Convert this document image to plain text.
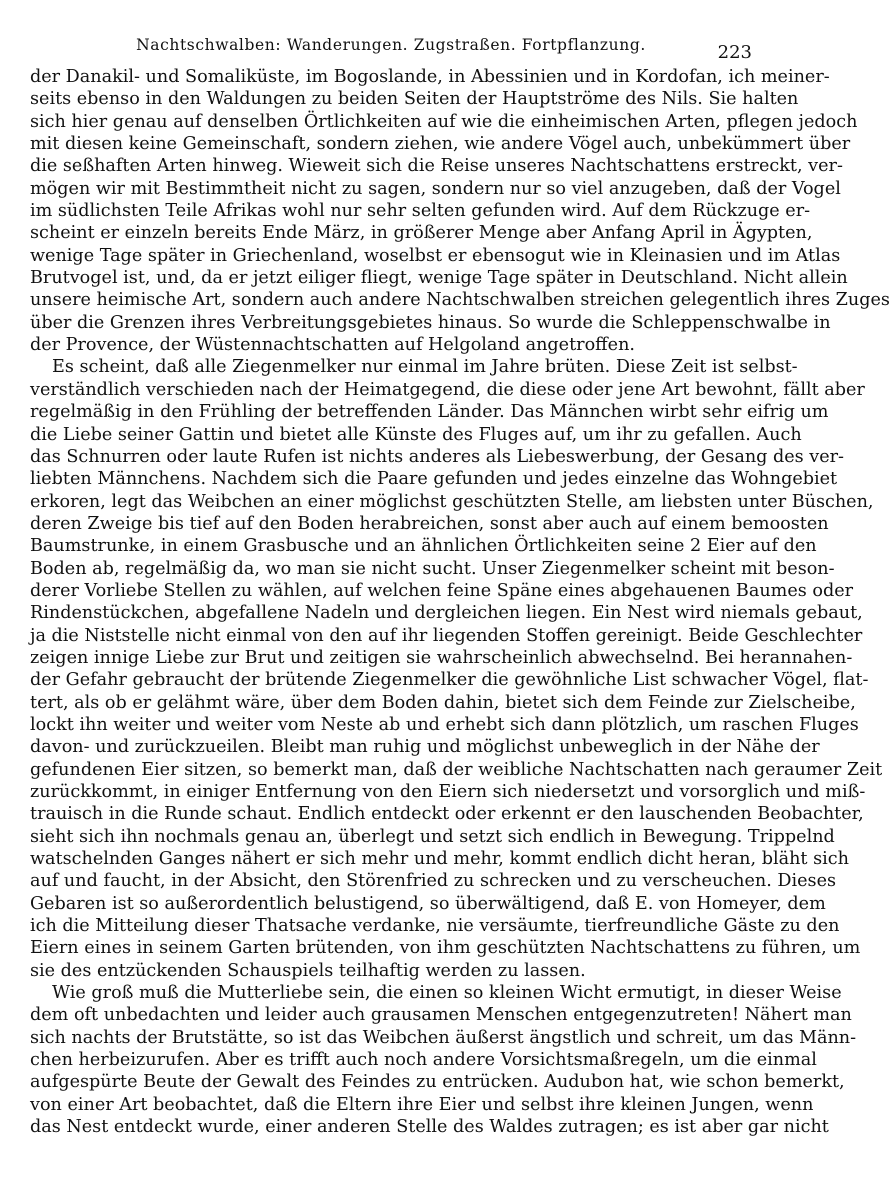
Nachtschwalben: Wanderungen. Zugstraßen. Fortpflanzung.	223
der Danakil- und Somaliküste, im Bogoslande, in Abessinien und in Kordofan, ich meiner-
seits ebenso in den Waldungen zu beiden Seiten der Hauptströme des Nils. Sie halten
sich hier genau auf denselben Örtlichkeiten auf wie die einheimischen Arten, pflegen jedoch
mit diesen keine Gemeinschaft, sondern ziehen, wie andere Vögel auch, unbekümmert über
die seßhaften Arten hinweg. Wieweit sich die Reise unseres Nachtschattens erstreckt, ver-
mögen wir mit Bestimmtheit nicht zu sagen, sondern nur so viel anzugeben, daß der Vogel
im südlichsten Teile Afrikas wohl nur sehr selten gefunden wird. Auf dem Rückzuge er-
scheint er einzeln bereits Ende März, in größerer Menge aber Anfang April in Ägypten,
wenige Tage später in Griechenland, woselbst er ebensogut wie in Kleinasien und im Atlas
Brutvogel ist, und, da er jetzt eiliger fliegt, wenige Tage später in Deutschland. Nicht allein
unsere heimische Art, sondern auch andere Nachtschwalben streichen gelegentlich ihres Zuges
über die Grenzen ihres Verbreitungsgebietes hinaus. So wurde die Schleppenschwalbe in
der Provence, der Wüstennachtschatten auf Helgoland angetroffen.
Es scheint, daß alle Ziegenmelker nur einmal im Jahre brüten. Diese Zeit ist selbst-
verständlich verschieden nach der Heimatgegend, die diese oder jene Art bewohnt, fällt aber
regelmäßig in den Frühling der betreffenden Länder. Das Männchen wirbt sehr eifrig um
die Liebe seiner Gattin und bietet alle Künste des Fluges auf, um ihr zu gefallen. Auch
das Schnurren oder laute Rufen ist nichts anderes als Liebeswerbung, der Gesang des ver-
liebten Männchens. Nachdem sich die Paare gefunden und jedes einzelne das Wohngebiet
erkoren, legt das Weibchen an einer möglichst geschützten Stelle, am liebsten unter Büschen,
deren Zweige bis tief auf den Boden herabreichen, sonst aber auch auf einem bemoosten
Baumstrunke, in einem Grasbusche und an ähnlichen Örtlichkeiten seine 2 Eier auf den
Boden ab, regelmäßig da, wo man sie nicht sucht. Unser Ziegenmelker scheint mit beson-
derer Vorliebe Stellen zu wählen, auf welchen feine Späne eines abgehauenen Baumes oder
Rindenstückchen, abgefallene Nadeln und dergleichen liegen. Ein Nest wird niemals gebaut,
ja die Niststelle nicht einmal von den auf ihr liegenden Stoffen gereinigt. Beide Geschlechter
zeigen innige Liebe zur Brut und zeitigen sie wahrscheinlich abwechselnd. Bei herannahen-
der Gefahr gebraucht der brütende Ziegenmelker die gewöhnliche List schwacher Vögel, flat-
tert, als ob er gelähmt wäre, über dem Boden dahin, bietet sich dem Feinde zur Zielscheibe,
lockt ihn weiter und weiter vom Neste ab und erhebt sich dann plötzlich, um raschen Fluges
davon- und zurückzueilen. Bleibt man ruhig und möglichst unbeweglich in der Nähe der
gefundenen Eier sitzen, so bemerkt man, daß der weibliche Nachtschatten nach geraumer Zeit
zurückkommt, in einiger Entfernung von den Eiern sich niedersetzt und vorsorglich und miß-
trauisch in die Runde schaut. Endlich entdeckt oder erkennt er den lauschenden Beobachter,
sieht sich ihn nochmals genau an, überlegt und setzt sich endlich in Bewegung. Trippelnd
watschelnden Ganges nähert er sich mehr und mehr, kommt endlich dicht heran, bläht sich
auf und faucht, in der Absicht, den Störenfried zu schrecken und zu verscheuchen. Dieses
Gebaren ist so außerordentlich belustigend, so überwältigend, daß E. von Homeyer, dem
ich die Mitteilung dieser Thatsache verdanke, nie versäumte, tierfreundliche Gäste zu den
Eiern eines in seinem Garten brütenden, von ihm geschützten Nachtschattens zu führen, um
sie des entzückenden Schauspiels teilhaftig werden zu lassen.
Wie groß muß die Mutterliebe sein, die einen so kleinen Wicht ermutigt, in dieser Weise
dem oft unbedachten und leider auch grausamen Menschen entgegenzutreten! Nähert man
sich nachts der Brutstätte, so ist das Weibchen äußerst ängstlich und schreit, um das Männ-
chen herbeizurufen. Aber es trifft auch noch andere Vorsichtsmaßregeln, um die einmal
aufgespürte Beute der Gewalt des Feindes zu entrücken. Audubon hat, wie schon bemerkt,
von einer Art beobachtet, daß die Eltern ihre Eier und selbst ihre kleinen Jungen, wenn
das Nest entdeckt wurde, einer anderen Stelle des Waldes zutragen; es ist aber gar nicht
